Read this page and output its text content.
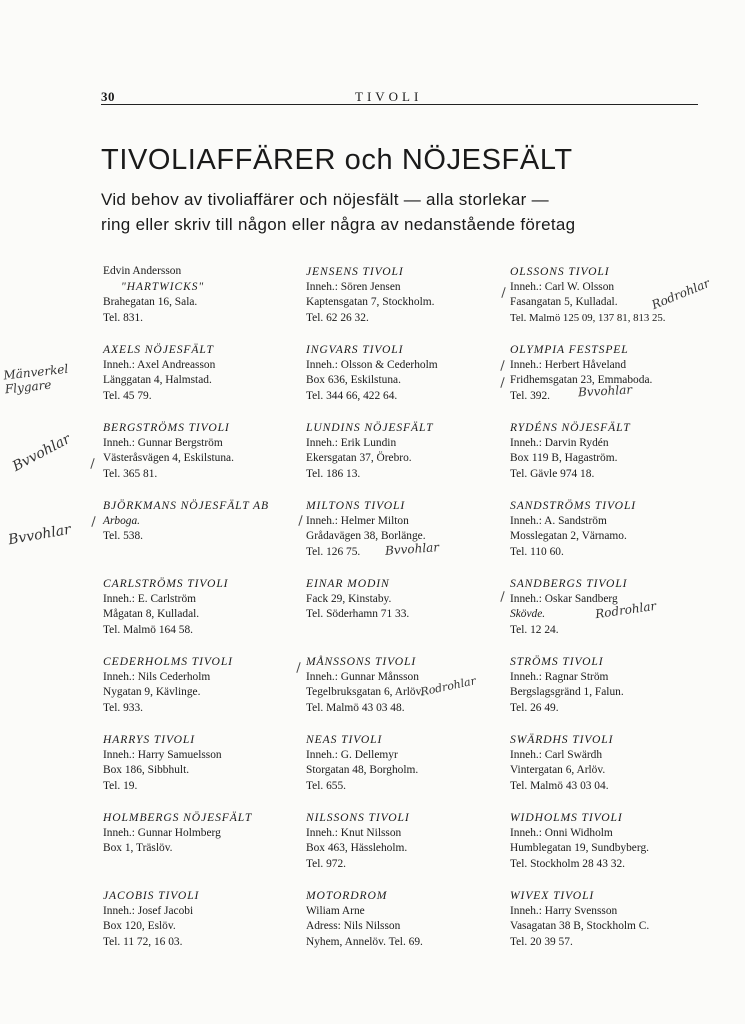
30	TIVOLI
TIVOLIAFFÄRER och NÖJESFÄLT
Vid behov av tivoliaffärer och nöjesfält — alla storlekar —
ring eller skriv till någon eller några av nedanstående företag
Edvin Andersson
"HARTWICKS"
Brahegatan 16, Sala.
Tel. 831.
AXELS NÖJESFÄLT
Inneh.: Axel Andreasson
Länggatan 4, Halmstad.
Tel. 45 79.
BERGSTRÖMS TIVOLI
Inneh.: Gunnar Bergström
Västeråsvägen 4, Eskilstuna.
Tel. 365 81.
BJÖRKMANS NÖJESFÄLT AB
Arboga.
Tel. 538.
CARLSTRÖMS TIVOLI
Inneh.: E. Carlström
Mågatan 8, Kulladal.
Tel. Malmö 164 58.
CEDERHOLMS TIVOLI
Inneh.: Nils Cederholm
Nygatan 9, Kävlinge.
Tel. 933.
HARRYS TIVOLI
Inneh.: Harry Samuelsson
Box 186, Sibbhult.
Tel. 19.
HOLMBERGS NÖJESFÄLT
Inneh.: Gunnar Holmberg
Box 1, Träslöv.
JACOBIS TIVOLI
Inneh.: Josef Jacobi
Box 120, Eslöv.
Tel. 11 72, 16 03.
JENSENS TIVOLI
Inneh.: Sören Jensen
Kaptensgatan 7, Stockholm.
Tel. 62 26 32.
INGVARS TIVOLI
Inneh.: Olsson & Cederholm
Box 636, Eskilstuna.
Tel. 344 66, 422 64.
LUNDINS NÖJESFÄLT
Inneh.: Erik Lundin
Ekersgatan 37, Örebro.
Tel. 186 13.
MILTONS TIVOLI
Inneh.: Helmer Milton
Grådavägen 38, Borlänge.
Tel. 126 75.
EINAR MODIN
Fack 29, Kinstaby.
Tel. Söderhamn 71 33.
MÅNSSONS TIVOLI
Inneh.: Gunnar Månsson
Tegelbruksgatan 6, Arlöv.
Tel. Malmö 43 03 48.
NEAS TIVOLI
Inneh.: G. Dellemyr
Storgatan 48, Borgholm.
Tel. 655.
NILSSONS TIVOLI
Inneh.: Knut Nilsson
Box 463, Hässleholm.
Tel. 972.
MOTORDROM
Wiliam Arne
Adress: Nils Nilsson
Nyhem, Annelöv. Tel. 69.
OLSSONS TIVOLI
Inneh.: Carl W. Olsson
Fasangatan 5, Kulladal.
Tel. Malmö 125 09, 137 81, 813 25.
OLYMPIA FESTSPEL
Inneh.: Herbert Håveland
Fridhemsgatan 23, Emmaboda.
Tel. 392.
RYDÉNS NÖJESFÄLT
Inneh.: Darvin Rydén
Box 119 B, Hagaström.
Tel. Gävle 974 18.
SANDSTRÖMS TIVOLI
Inneh.: A. Sandström
Mosslegatan 2, Värnamo.
Tel. 110 60.
SANDBERGS TIVOLI
Inneh.: Oskar Sandberg
Skövde.
Tel. 12 24.
STRÖMS TIVOLI
Inneh.: Ragnar Ström
Bergslagsgränd 1, Falun.
Tel. 26 49.
SWÄRDHS TIVOLI
Inneh.: Carl Swärdh
Vintergatan 6, Arlöv.
Tel. Malmö 43 03 04.
WIDHOLMS TIVOLI
Inneh.: Onni Widholm
Humblegatan 19, Sundbyberg.
Tel. Stockholm 28 43 32.
WIVEX TIVOLI
Inneh.: Harry Svensson
Vasagatan 38 B, Stockholm C.
Tel. 20 39 57.
Mänverkel Flygare
Bvvohlar
Bvvohlar
Bvvohlar
Rodrohlar
Rodrohlar
Bvvohlar
Rodrohlar
